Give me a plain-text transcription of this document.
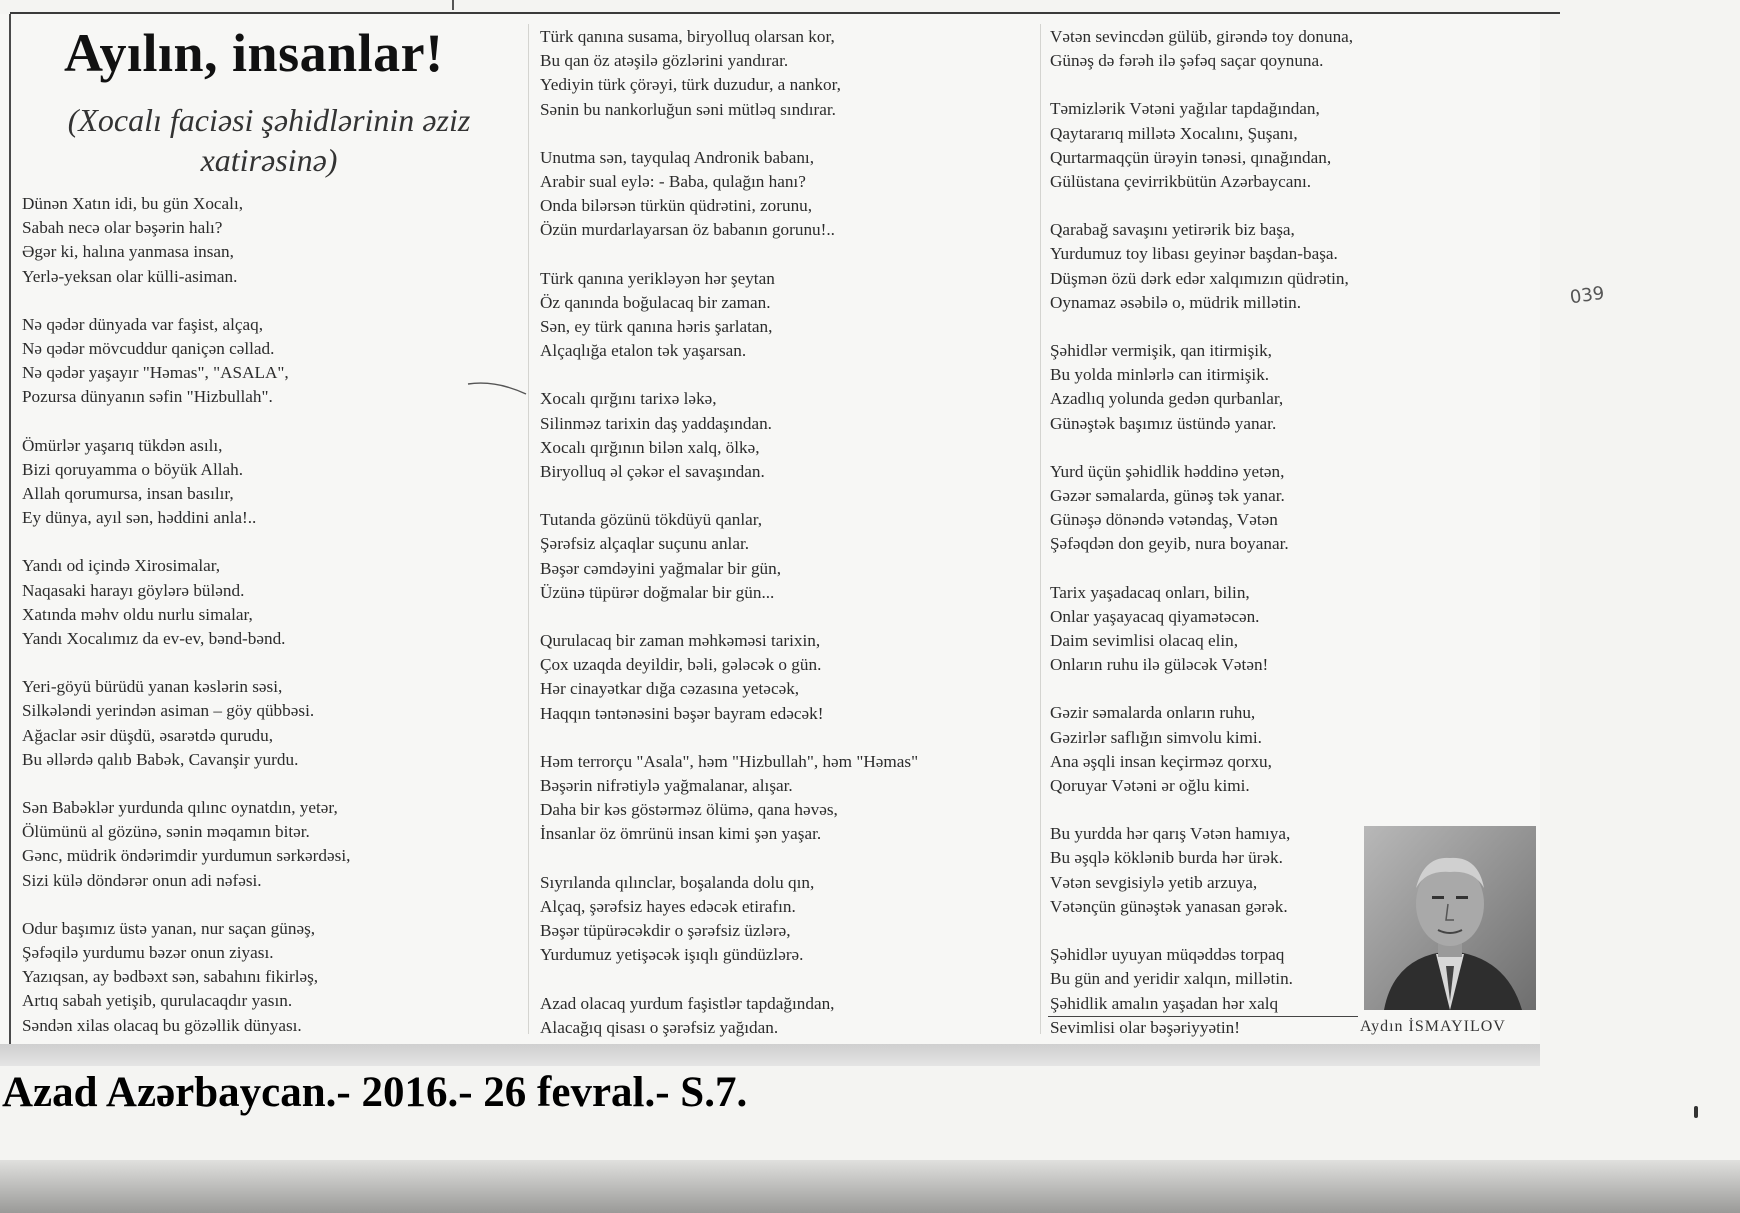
Ayılın, insanlar!
(Xocalı faciəsi şəhidlərinin əziz xatirəsinə)
Dünən Xatın idi, bu gün Xocalı,
Sabah necə olar bəşərin halı?
Əgər ki, halına yanmasa insan,
Yerlə-yeksan olar külli-asiman.
Nə qədər dünyada var faşist, alçaq,
Nə qədər mövcuddur qaniçən cəllad.
Nə qədər yaşayır "Həmas", "ASALA",
Pozursa dünyanın səfin "Hizbullah".
Ömürlər yaşarıq tükdən asılı,
Bizi qoruyamma o böyük Allah.
Allah qorumursa, insan basılır,
Ey dünya, ayıl sən, həddini anla!..
Yandı od içində Xirosimalar,
Naqasaki harayı göylərə bülənd.
Xatında məhv oldu nurlu simalar,
Yandı Xocalımız da ev-ev, bənd-bənd.
Yeri-göyü bürüdü yanan kəslərin səsi,
Silkələndi yerindən asiman – göy qübbəsi.
Ağaclar əsir düşdü, əsarətdə qurudu,
Bu əllərdə qalıb Babək, Cavanşir yurdu.
Sən Babəklər yurdunda qılınc oynatdın, yetər,
Ölümünü al gözünə, sənin məqamın bitər.
Gənc, müdrik öndərimdir yurdumun sərkərdəsi,
Sizi külə döndərər onun adi nəfəsi.
Odur başımız üstə yanan, nur saçan günəş,
Şəfəqilə yurdumu bəzər onun ziyası.
Yazıqsan, ay bədbəxt sən, sabahını fikirləş,
Artıq sabah yetişib, qurulacaqdır yasın.
Səndən xilas olacaq bu gözəllik dünyası.
Türk qanına susama, biryolluq olarsan kor,
Bu qan öz atəşilə gözlərini yandırar.
Yediyin türk çörəyi, türk duzudur, a nankor,
Sənin bu nankorluğun səni mütləq sındırar.
Unutma sən, tayqulaq Andronik babanı,
Arabir sual eylə: - Baba, qulağın hanı?
Onda bilərsən türkün qüdrətini, zorunu,
Özün murdarlayarsan öz babanın gorunu!..
Türk qanına yerikləyən hər şeytan
Öz qanında boğulacaq bir zaman.
Sən, ey türk qanına həris şarlatan,
Alçaqlığa etalon tək yaşarsan.
Xocalı qırğını tarixə ləkə,
Silinməz tarixin daş yaddaşından.
Xocalı qırğının bilən xalq, ölkə,
Biryolluq əl çəkər el savaşından.
Tutanda gözünü tökdüyü qanlar,
Şərəfsiz alçaqlar suçunu anlar.
Bəşər cəmdəyini yağmalar bir gün,
Üzünə tüpürər doğmalar bir gün...
Qurulacaq bir zaman məhkəməsi tarixin,
Çox uzaqda deyildir, bəli, gələcək o gün.
Hər cinayətkar dığa cəzasına yetəcək,
Haqqın təntənəsini bəşər bayram edəcək!
Həm terrorçu "Asala", həm "Hizbullah", həm "Həmas"
Bəşərin nifrətiylə yağmalanar, alışar.
Daha bir kəs göstərməz ölümə, qana həvəs,
İnsanlar öz ömrünü insan kimi şən yaşar.
Sıyrılanda qılınclar, boşalanda dolu qın,
Alçaq, şərəfsiz hayes edəcək etirafın.
Bəşər tüpürəcəkdir o şərəfsiz üzlərə,
Yurdumuz yetişəcək işıqlı gündüzlərə.
Azad olacaq yurdum faşistlər tapdağından,
Alacağıq qisası o şərəfsiz yağıdan.
Vətən sevincdən gülüb, girəndə toy donuna,
Günəş də fərəh ilə şəfəq saçar qoynuna.
Təmizlərik Vətəni yağılar tapdağından,
Qaytararıq millətə Xocalını, Şuşanı,
Qurtarmaqçün ürəyin tənəsi, qınağından,
Gülüstana çevirrikbütün Azərbaycanı.
Qarabağ savaşını yetirərik biz başa,
Yurdumuz toy libası geyinər başdan-başa.
Düşmən özü dərk edər xalqımızın qüdrətin,
Oynamaz əsəbilə o, müdrik millətin.
Şəhidlər vermişik, qan itirmişik,
Bu yolda minlərlə can itirmişik.
Azadlıq yolunda gedən qurbanlar,
Günəştək başımız üstündə yanar.
Yurd üçün şəhidlik həddinə yetən,
Gəzər səmalarda, günəş tək yanar.
Günəşə dönəndə vətəndaş, Vətən
Şəfəqdən don geyib, nura boyanar.
Tarix yaşadacaq onları, bilin,
Onlar yaşayacaq qiyamətəcən.
Daim sevimlisi olacaq elin,
Onların ruhu ilə güləcək Vətən!
Gəzir səmalarda onların ruhu,
Gəzirlər saflığın simvolu kimi.
Ana əşqli insan keçirməz qorxu,
Qoruyar Vətəni ər oğlu kimi.
Bu yurdda hər qarış Vətən hamıya,
Bu əşqlə köklənib burda hər ürək.
Vətən sevgisiylə yetib arzuya,
Vətənçün günəştək yanasan gərək.
Şəhidlər uyuyan müqəddəs torpaq
Bu gün and yeridir xalqın, millətin.
Şəhidlik amalın yaşadan hər xalq
Sevimlisi olar bəşəriyyətin!
039
Aydın İSMAYILOV
Azad Azərbaycan.- 2016.- 26 fevral.- S.7.
